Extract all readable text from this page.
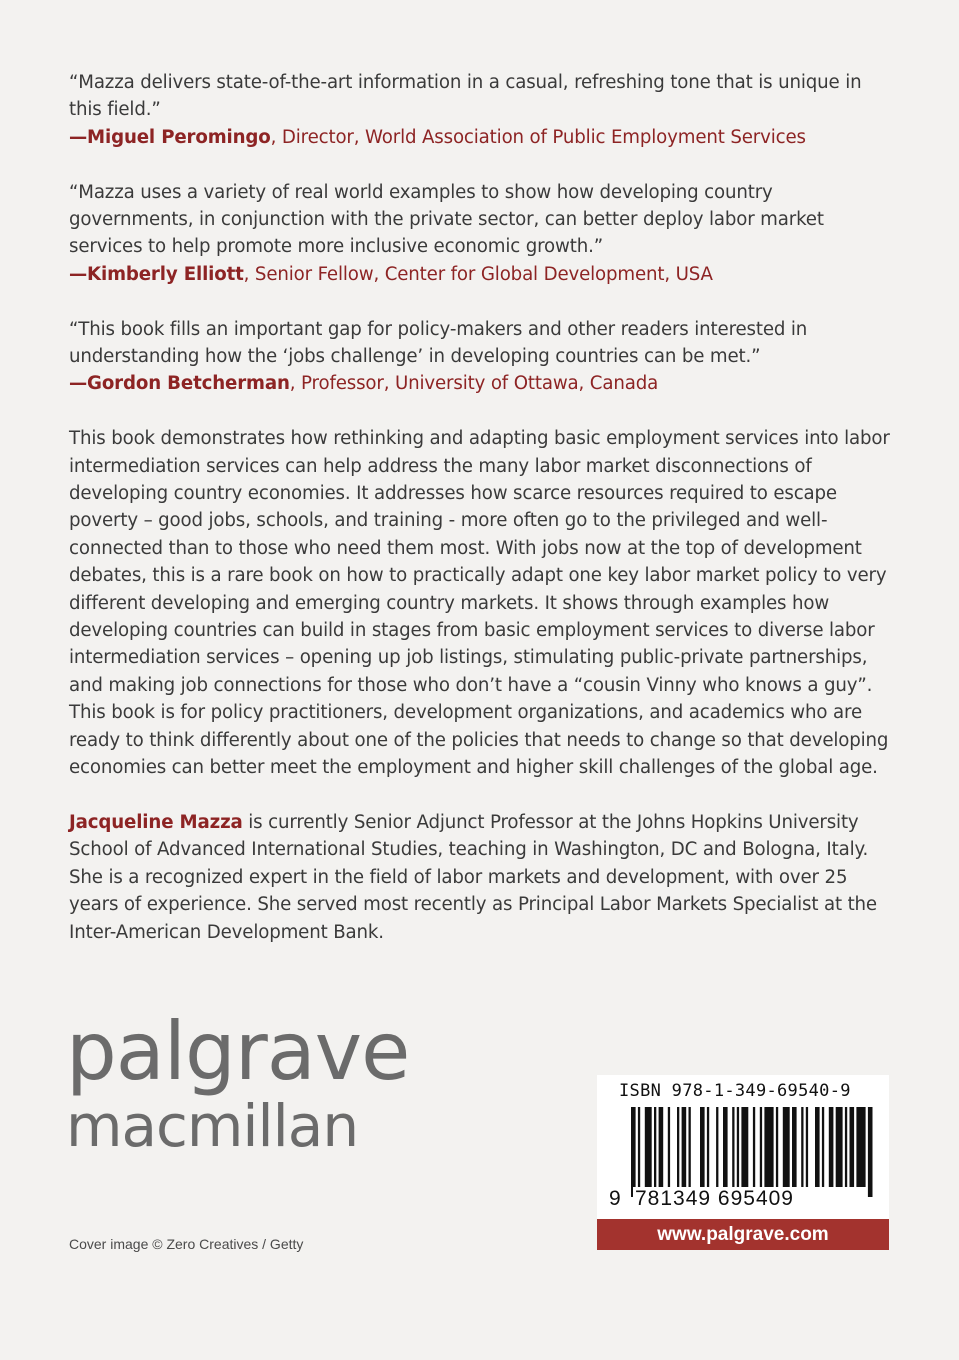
“Mazza delivers state-of-the-art information in a casual, refreshing tone that is unique in this field.”
—Miguel Peromingo, Director, World Association of Public Employment Services

“Mazza uses a variety of real world examples to show how developing country governments, in conjunction with the private sector, can better deploy labor market services to help promote more inclusive economic growth.”
—Kimberly Elliott, Senior Fellow, Center for Global Development, USA

“This book fills an important gap for policy-makers and other readers interested in understanding how the ‘jobs challenge’ in developing countries can be met.”
—Gordon Betcherman, Professor, University of Ottawa, Canada

This book demonstrates how rethinking and adapting basic employment services into labor intermediation services can help address the many labor market disconnections of developing country economies. It addresses how scarce resources required to escape poverty – good jobs, schools, and training - more often go to the privileged and well-connected than to those who need them most. With jobs now at the top of development debates, this is a rare book on how to practically adapt one key labor market policy to very different developing and emerging country markets. It shows through examples how developing countries can build in stages from basic employment services to diverse labor intermediation services – opening up job listings, stimulating public-private partnerships, and making job connections for those who don’t have a “cousin Vinny who knows a guy”. This book is for policy practitioners, development organizations, and academics who are ready to think differently about one of the policies that needs to change so that developing economies can better meet the employment and higher skill challenges of the global age.

Jacqueline Mazza is currently Senior Adjunct Professor at the Johns Hopkins University School of Advanced International Studies, teaching in Washington, DC and Bologna, Italy. She is a recognized expert in the field of labor markets and development, with over 25 years of experience. She served most recently as Principal Labor Markets Specialist at the Inter-American Development Bank.

palgrave
macmillan
Cover image © Zero Creatives / Getty
ISBN 978-1-349-69540-9
9 781349 695409
www.palgrave.com
